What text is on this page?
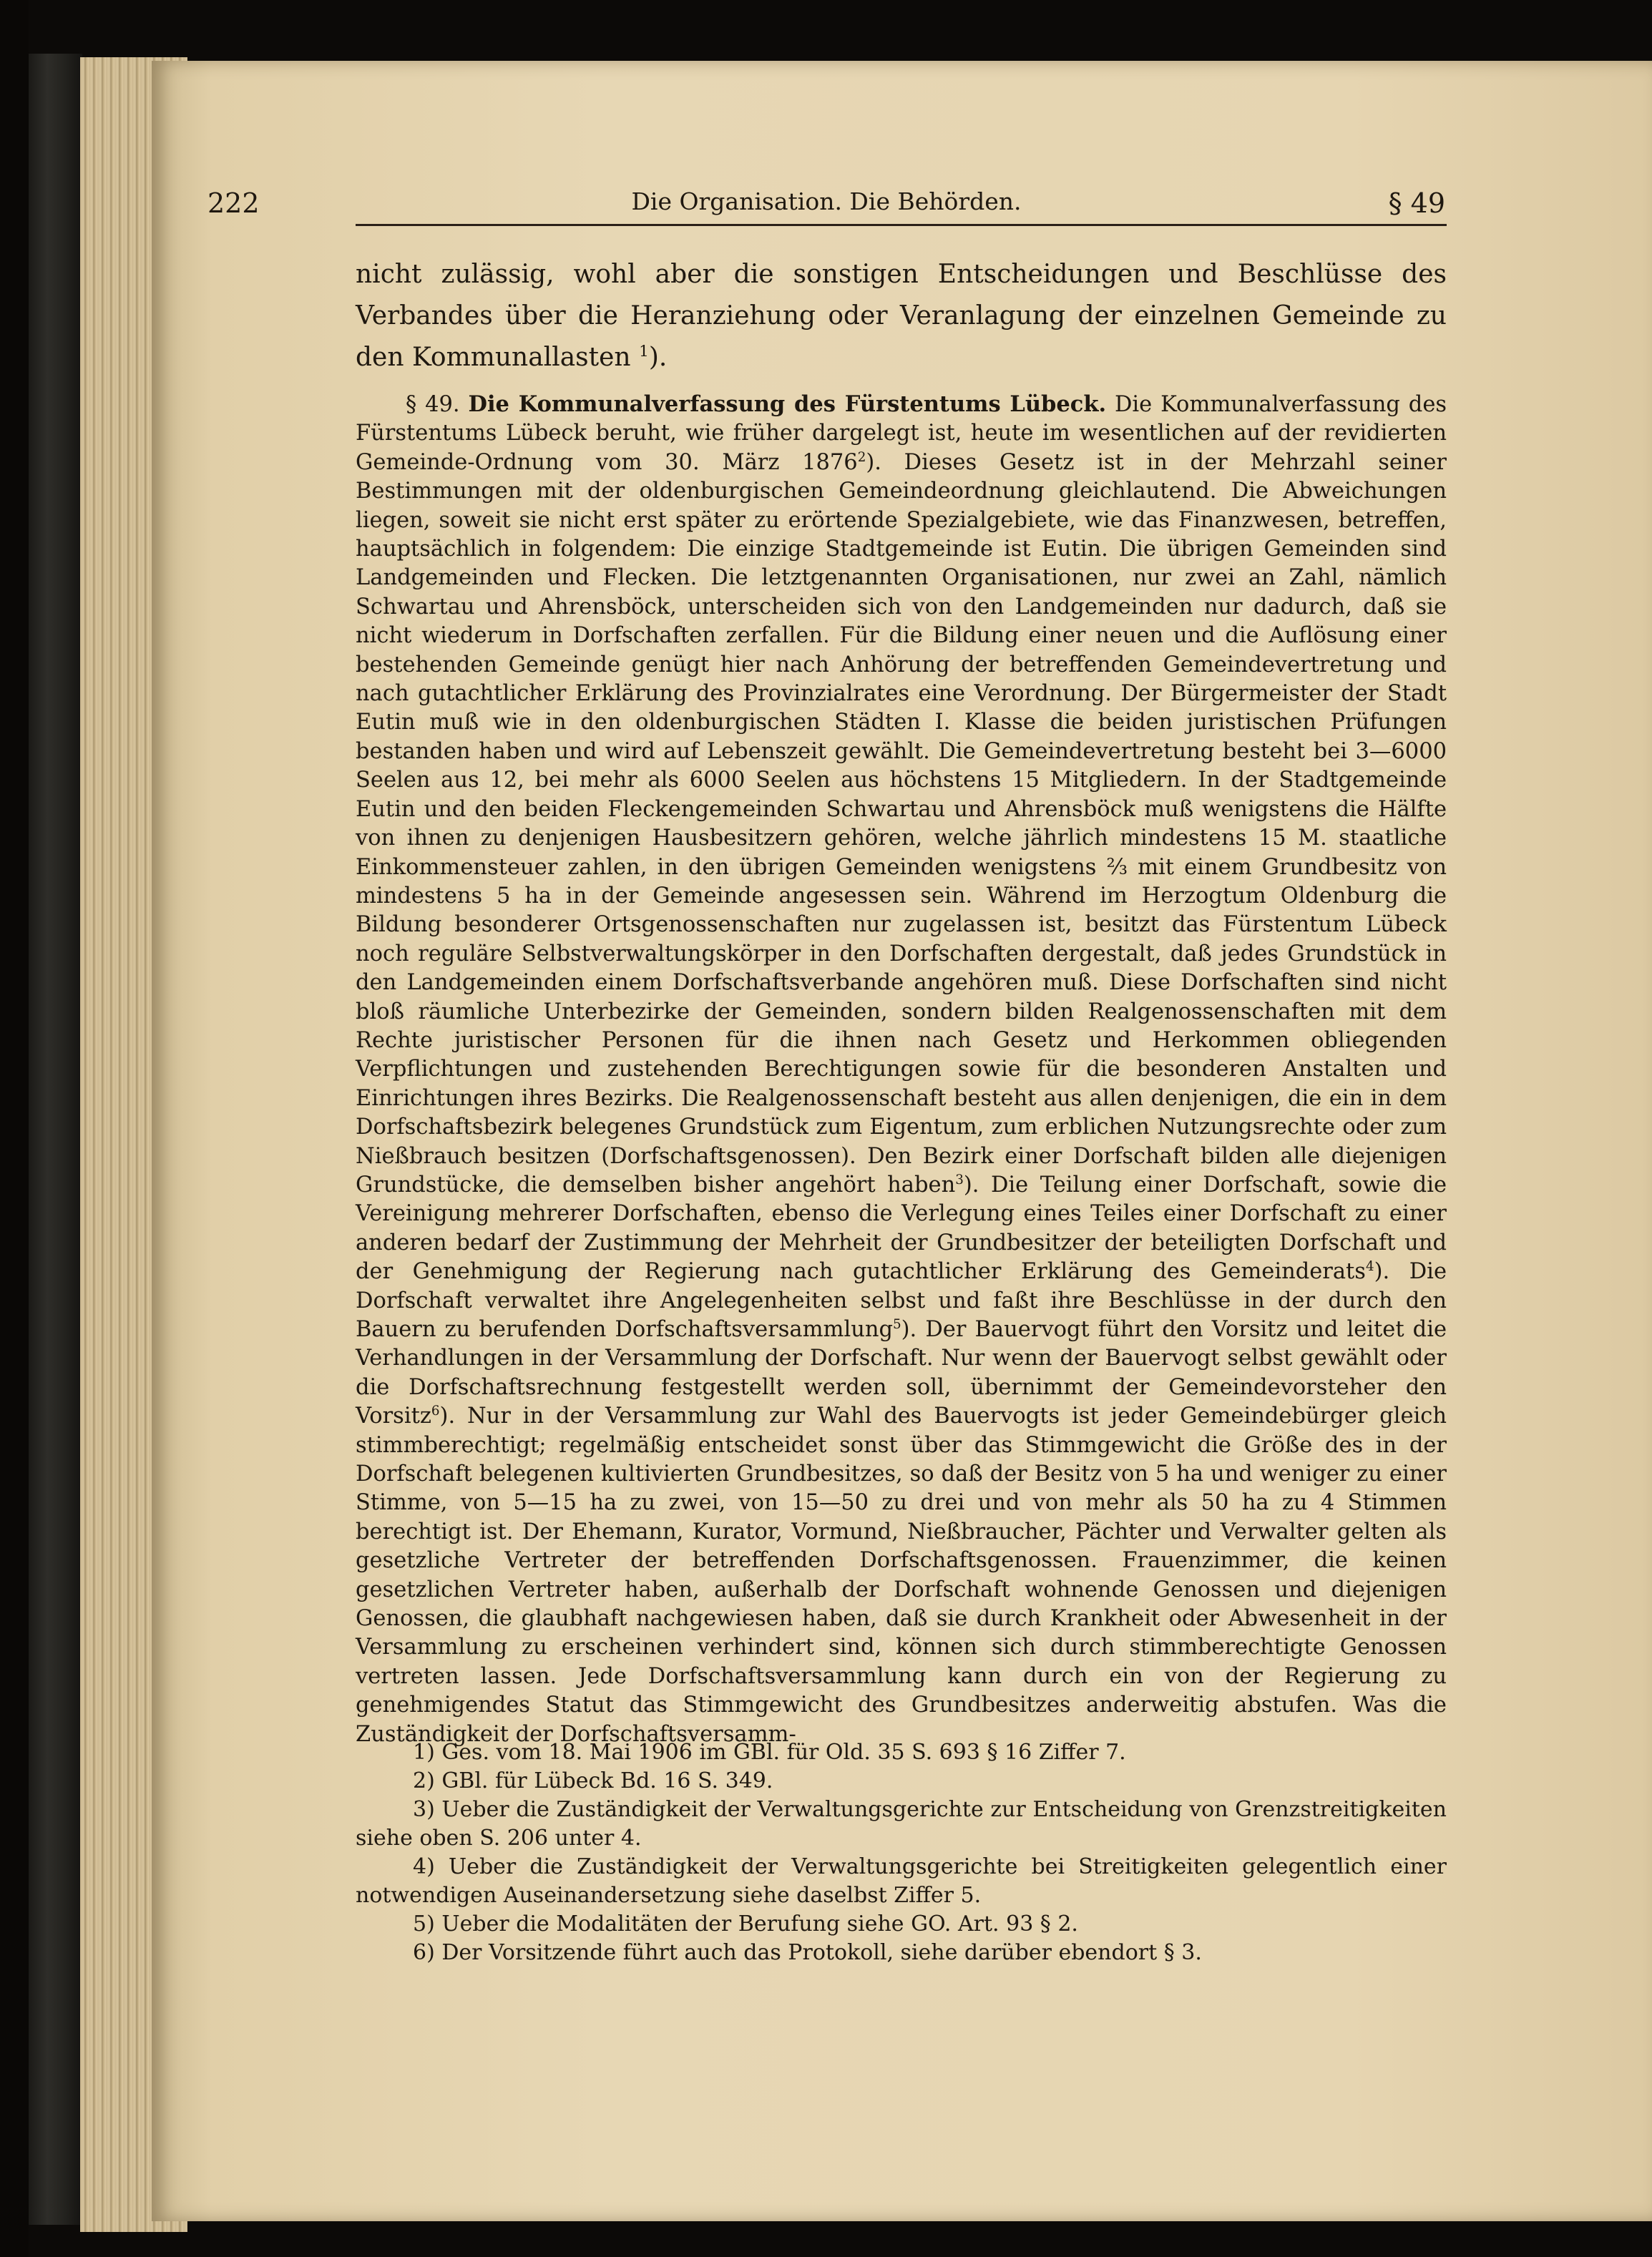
222	Die Organisation. Die Behörden.	§ 49
nicht zulässig, wohl aber die sonstigen Entscheidungen und Beschlüsse des Verbandes über die Heranziehung oder Veranlagung der einzelnen Gemeinde zu den Kommunallasten $^1$).

§ 49. Die Kommunalverfassung des Fürstentums Lübeck. Die Kommunalverfassung des Fürstentums Lübeck beruht, wie früher dargelegt ist, heute im wesentlichen auf der revidierten Gemeinde-Ordnung vom 30. März 1876$^2$). Dieses Gesetz ist in der Mehrzahl seiner Bestimmungen mit der oldenburgischen Gemeindeordnung gleichlautend. Die Abweichungen liegen, soweit sie nicht erst später zu erörtende Spezialgebiete, wie das Finanzwesen, betreffen, hauptsächlich in folgendem: Die einzige Stadtgemeinde ist Eutin. Die übrigen Gemeinden sind Landgemeinden und Flecken. Die letztgenannten Organisationen, nur zwei an Zahl, nämlich Schwartau und Ahrensböck, unterscheiden sich von den Landgemeinden nur dadurch, daß sie nicht wiederum in Dorfschaften zerfallen. Für die Bildung einer neuen und die Auflösung einer bestehenden Gemeinde genügt hier nach Anhörung der betreffenden Gemeindevertretung und nach gutachtlicher Erklärung des Provinzialrates eine Verordnung. Der Bürgermeister der Stadt Eutin muß wie in den oldenburgischen Städten I. Klasse die beiden juristischen Prüfungen bestanden haben und wird auf Lebenszeit gewählt. Die Gemeindevertretung besteht bei 3—6000 Seelen aus 12, bei mehr als 6000 Seelen aus höchstens 15 Mitgliedern. In der Stadtgemeinde Eutin und den beiden Fleckengemeinden Schwartau und Ahrensböck muß wenigstens die Hälfte von ihnen zu denjenigen Hausbesitzern gehören, welche jährlich mindestens 15 M. staatliche Einkommensteuer zahlen, in den übrigen Gemeinden wenigstens ⅔ mit einem Grundbesitz von mindestens 5 ha in der Gemeinde angesessen sein. Während im Herzogtum Oldenburg die Bildung besonderer Ortsgenossenschaften nur zugelassen ist, besitzt das Fürstentum Lübeck noch reguläre Selbstverwaltungskörper in den Dorfschaften dergestalt, daß jedes Grundstück in den Landgemeinden einem Dorfschaftsverbande angehören muß. Diese Dorfschaften sind nicht bloß räumliche Unterbezirke der Gemeinden, sondern bilden Realgenossenschaften mit dem Rechte juristischer Personen für die ihnen nach Gesetz und Herkommen obliegenden Verpflichtungen und zustehenden Berechtigungen sowie für die besonderen Anstalten und Einrichtungen ihres Bezirks. Die Realgenossenschaft besteht aus allen denjenigen, die ein in dem Dorfschaftsbezirk belegenes Grundstück zum Eigentum, zum erblichen Nutzungsrechte oder zum Nießbrauch besitzen (Dorfschaftsgenossen). Den Bezirk einer Dorfschaft bilden alle diejenigen Grundstücke, die demselben bisher angehört haben$^3$). Die Teilung einer Dorfschaft, sowie die Vereinigung mehrerer Dorfschaften, ebenso die Verlegung eines Teiles einer Dorfschaft zu einer anderen bedarf der Zustimmung der Mehrheit der Grundbesitzer der beteiligten Dorfschaft und der Genehmigung der Regierung nach gutachtlicher Erklärung des Gemeinderats$^4$). Die Dorfschaft verwaltet ihre Angelegenheiten selbst und faßt ihre Beschlüsse in der durch den Bauern zu berufenden Dorfschaftsversammlung$^5$). Der Bauervogt führt den Vorsitz und leitet die Verhandlungen in der Versammlung der Dorfschaft. Nur wenn der Bauervogt selbst gewählt oder die Dorfschaftsrechnung festgestellt werden soll, übernimmt der Gemeindevorsteher den Vorsitz$^6$). Nur in der Versammlung zur Wahl des Bauervogts ist jeder Gemeindebürger gleich stimmberechtigt; regelmäßig entscheidet sonst über das Stimmgewicht die Größe des in der Dorfschaft belegenen kultivierten Grundbesitzes, so daß der Besitz von 5 ha und weniger zu einer Stimme, von 5—15 ha zu zwei, von 15—50 zu drei und von mehr als 50 ha zu 4 Stimmen berechtigt ist. Der Ehemann, Kurator, Vormund, Nießbraucher, Pächter und Verwalter gelten als gesetzliche Vertreter der betreffenden Dorfschaftsgenossen. Frauenzimmer, die keinen gesetzlichen Vertreter haben, außerhalb der Dorfschaft wohnende Genossen und diejenigen Genossen, die glaubhaft nachgewiesen haben, daß sie durch Krankheit oder Abwesenheit in der Versammlung zu erscheinen verhindert sind, können sich durch stimmberechtigte Genossen vertreten lassen. Jede Dorfschaftsversammlung kann durch ein von der Regierung zu genehmigendes Statut das Stimmgewicht des Grundbesitzes anderweitig abstufen. Was die Zuständigkeit der Dorfschaftsversamm-

1) Ges. vom 18. Mai 1906 im GBl. für Old. 35 S. 693 § 16 Ziffer 7.
2) GBl. für Lübeck Bd. 16 S. 349.
3) Ueber die Zuständigkeit der Verwaltungsgerichte zur Entscheidung von Grenzstreitigkeiten siehe oben S. 206 unter 4.
4) Ueber die Zuständigkeit der Verwaltungsgerichte bei Streitigkeiten gelegentlich einer notwendigen Auseinandersetzung siehe daselbst Ziffer 5.
5) Ueber die Modalitäten der Berufung siehe GO. Art. 93 § 2.
6) Der Vorsitzende führt auch das Protokoll, siehe darüber ebendort § 3.
